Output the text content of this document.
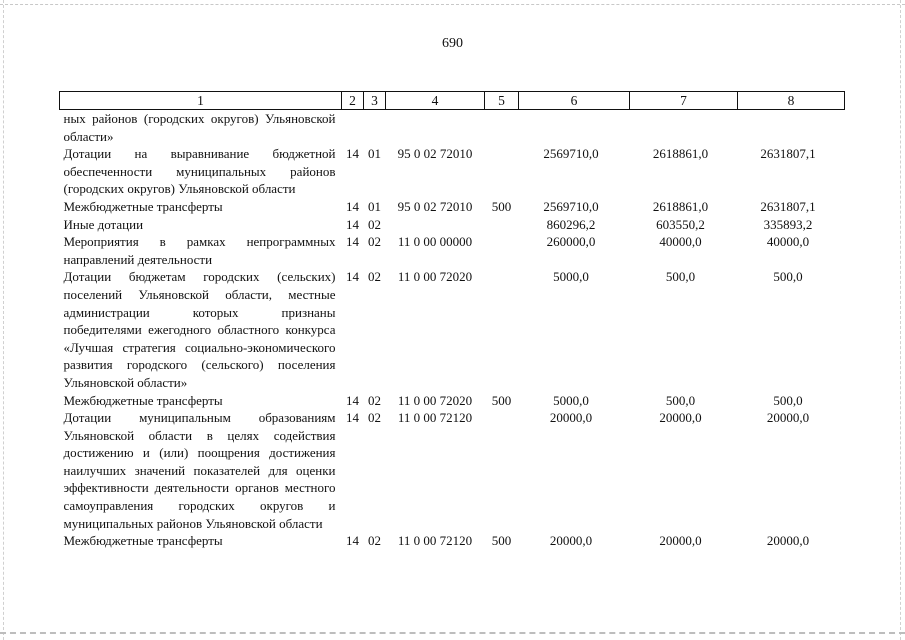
690
1	2	3	4	5	6	7	8
ных районов (городских округов) Ульяновской области»							
Дотации на выравнивание бюджетной обеспеченности муниципальных районов (городских округов) Ульяновской области	14	01	95 0 02 72010		2569710,0	2618861,0	2631807,1
Межбюджетные трансферты	14	01	95 0 02 72010	500	2569710,0	2618861,0	2631807,1
Иные дотации	14	02			860296,2	603550,2	335893,2
Мероприятия в рамках непрограммных направлений деятельности	14	02	11 0 00 00000		260000,0	40000,0	40000,0
Дотации бюджетам городских (сельских) поселений Ульяновской области, местные администрации которых признаны победителями ежегодного областного конкурса «Лучшая стратегия социально-экономического развития городского (сельского) поселения Ульяновской области»	14	02	11 0 00 72020		5000,0	500,0	500,0
Межбюджетные трансферты	14	02	11 0 00 72020	500	5000,0	500,0	500,0
Дотации муниципальным образованиям Ульяновской области в целях содействия достижению и (или) поощрения достижения наилучших значений показателей для оценки эффективности деятельности органов местного самоуправления городских округов и муниципальных районов Ульяновской области	14	02	11 0 00 72120		20000,0	20000,0	20000,0
Межбюджетные трансферты	14	02	11 0 00 72120	500	20000,0	20000,0	20000,0
